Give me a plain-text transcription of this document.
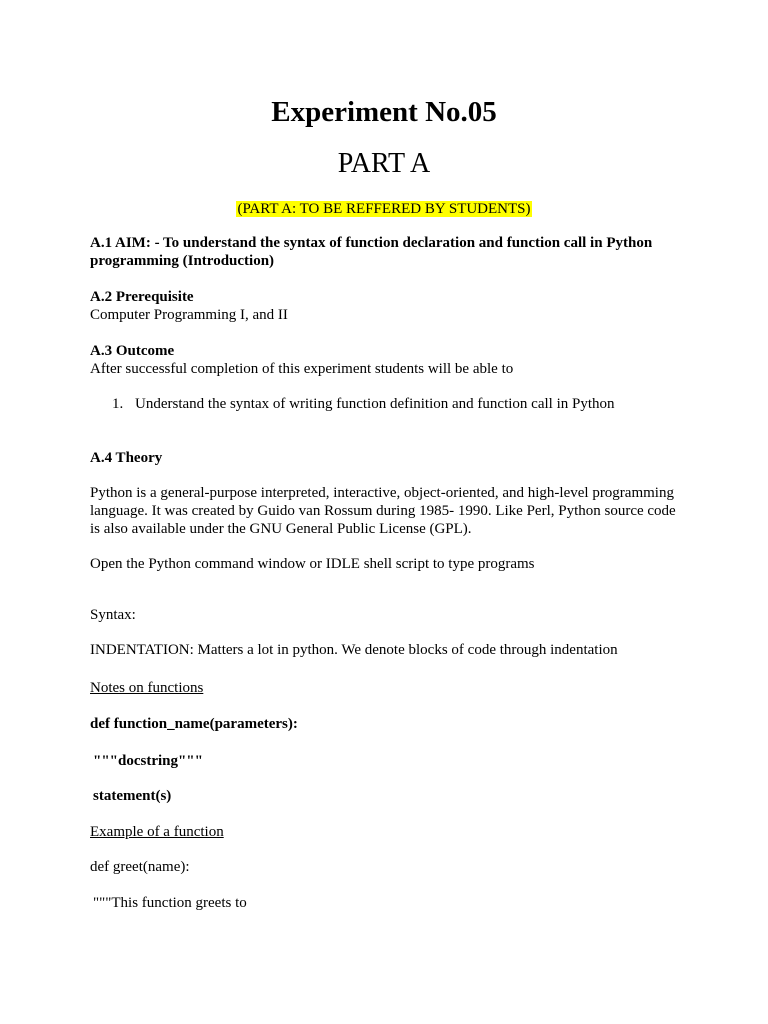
Experiment No.05
PART A
(PART A: TO BE REFFERED BY STUDENTS)
A.1 AIM: - To understand the syntax of function declaration and function call in Python
programming (Introduction)
A.2 Prerequisite
Computer Programming I, and II
A.3 Outcome
After successful completion of this experiment students will be able to
1. Understand the syntax of writing function definition and function call in Python
A.4 Theory
Python is a general-purpose interpreted, interactive, object-oriented, and high-level programming
language. It was created by Guido van Rossum during 1985- 1990. Like Perl, Python source code
is also available under the GNU General Public License (GPL).
Open the Python command window or IDLE shell script to type programs
Syntax:
INDENTATION: Matters a lot in python. We denote blocks of code through indentation
Notes on functions
def function_name(parameters):
"""docstring"""
statement(s)
Example of a function
def greet(name):
"""This function greets to
